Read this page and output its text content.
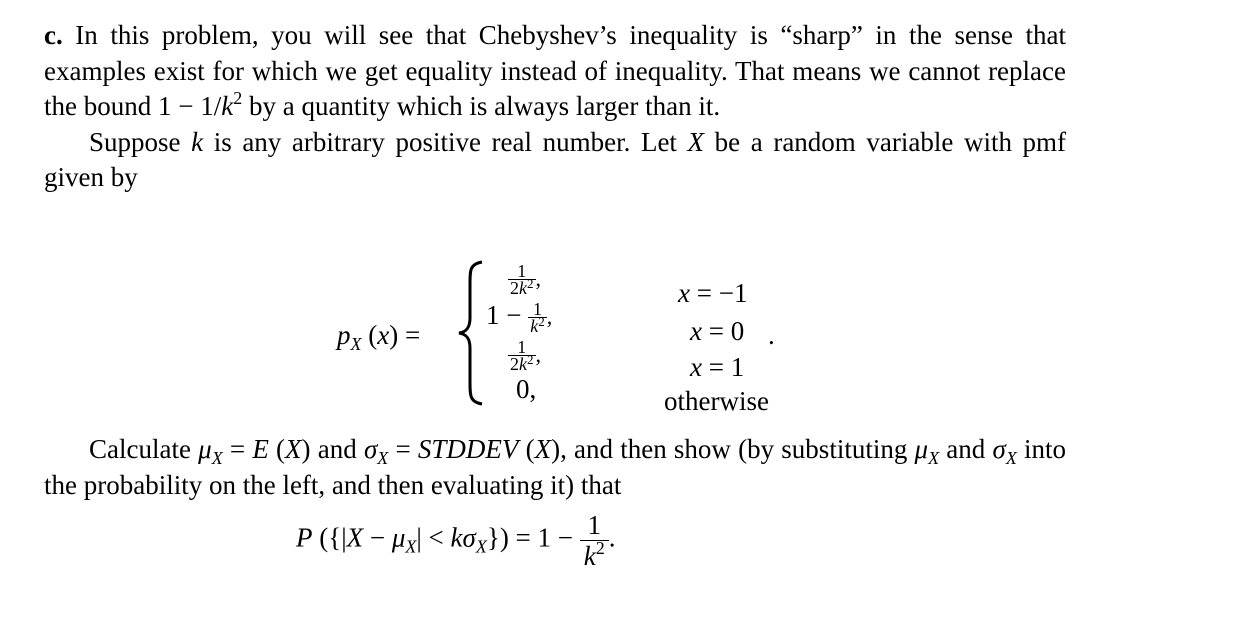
c. In this problem, you will see that Chebyshev’s inequality is “sharp” in the sense that examples exist for which we get equality instead of inequality. That means we cannot replace the bound $1 - 1/k^2$ by a quantity which is always larger than it.

Suppose k is any arbitrary positive real number. Let X be a random variable with pmf given by

$p_X$ (x) =
$\frac{1}{2k^2}$ ,
$1 - \frac{1}{k^2}$ ,
$\frac{1}{2k^2}$ ,
0,
x = −1
x = 0
x = 1
otherwise
.

Calculate $\mu_X = E$ (X) and $\sigma_X$ = STDDEV (X), and then show (by substituting $\mu_X$ and $\sigma_X$ into the probability on the left, and then evaluating it) that

P $(\{|X - \mu_X| < k\sigma_X\}) = 1 - \frac{1}{k^2}$ .
